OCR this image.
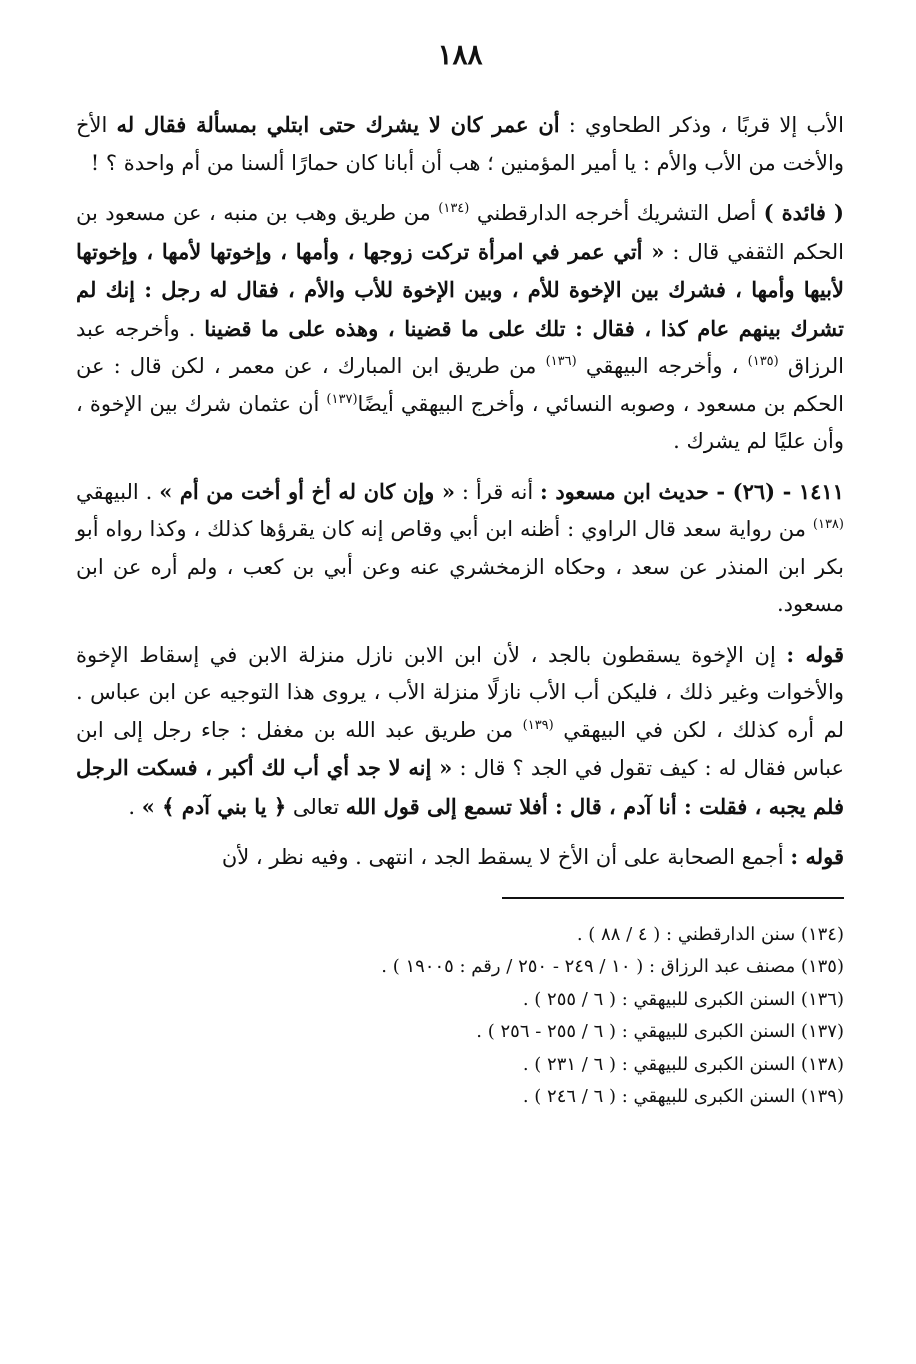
١٨٨

الأب إلا قربًا ، وذكر الطحاوي : أن عمر كان لا يشرك حتى ابتلي بمسألة فقال له الأخ والأخت من الأب والأم : يا أمير المؤمنين ؛ هب أن أبانا كان حمارًا ألسنا من أم واحدة ؟ !

( فائدة ) أصل التشريك أخرجه الدارقطني $^{(١٣٤)}$ من طريق وهب بن منبه ، عن مسعود بن الحكم الثقفي قال : « أتي عمر في امرأة تركت زوجها ، وأمها ، وإخوتها لأمها ، وإخوتها لأبيها وأمها ، فشرك بين الإخوة للأم ، وبين الإخوة للأب والأم ، فقال له رجل : إنك لم تشرك بينهم عام كذا ، فقال : تلك على ما قضينا ، وهذه على ما قضينا . وأخرجه عبد الرزاق $^{(١٣٥)}$ ، وأخرجه البيهقي $^{(١٣٦)}$ من طريق ابن المبارك ، عن معمر ، لكن قال : عن الحكم بن مسعود ، وصوبه النسائي ، وأخرج البيهقي أيضًا$^{(١٣٧)}$ أن عثمان شرك بين الإخوة ، وأن عليًا لم يشرك .

١٤١١ - (٢٦) - حديث ابن مسعود : أنه قرأ : « وإن كان له أخ أو أخت من أم » . البيهقي $^{(١٣٨)}$ من رواية سعد قال الراوي : أظنه ابن أبي وقاص إنه كان يقرؤها كذلك ، وكذا رواه أبو بكر ابن المنذر عن سعد ، وحكاه الزمخشري عنه وعن أبي بن كعب ، ولم أره عن ابن مسعود.

قوله : إن الإخوة يسقطون بالجد ، لأن ابن الابن نازل منزلة الابن في إسقاط الإخوة والأخوات وغير ذلك ، فليكن أب الأب نازلًا منزلة الأب ، يروى هذا التوجيه عن ابن عباس . لم أره كذلك ، لكن في البيهقي $^{(١٣٩)}$ من طريق عبد الله بن مغفل : جاء رجل إلى ابن عباس فقال له : كيف تقول في الجد ؟ قال : « إنه لا جد أي أب لك أكبر ، فسكت الرجل فلم يجبه ، فقلت : أنا آدم ، قال : أفلا تسمع إلى قول الله تعالى ﴿ يا بني آدم ﴾ » .

قوله : أجمع الصحابة على أن الأخ لا يسقط الجد ، انتهى . وفيه نظر ، لأن

(١٣٤) سنن الدارقطني : ( ٤ / ٨٨ ) .

(١٣٥) مصنف عبد الرزاق : ( ١٠ / ٢٤٩ - ٢٥٠ / رقم : ١٩٠٠٥ ) .

(١٣٦) السنن الكبرى للبيهقي : ( ٦ / ٢٥٥ ) .

(١٣٧) السنن الكبرى للبيهقي : ( ٦ / ٢٥٥ - ٢٥٦ ) .

(١٣٨) السنن الكبرى للبيهقي : ( ٦ / ٢٣١ ) .

(١٣٩) السنن الكبرى للبيهقي : ( ٦ / ٢٤٦ ) .
